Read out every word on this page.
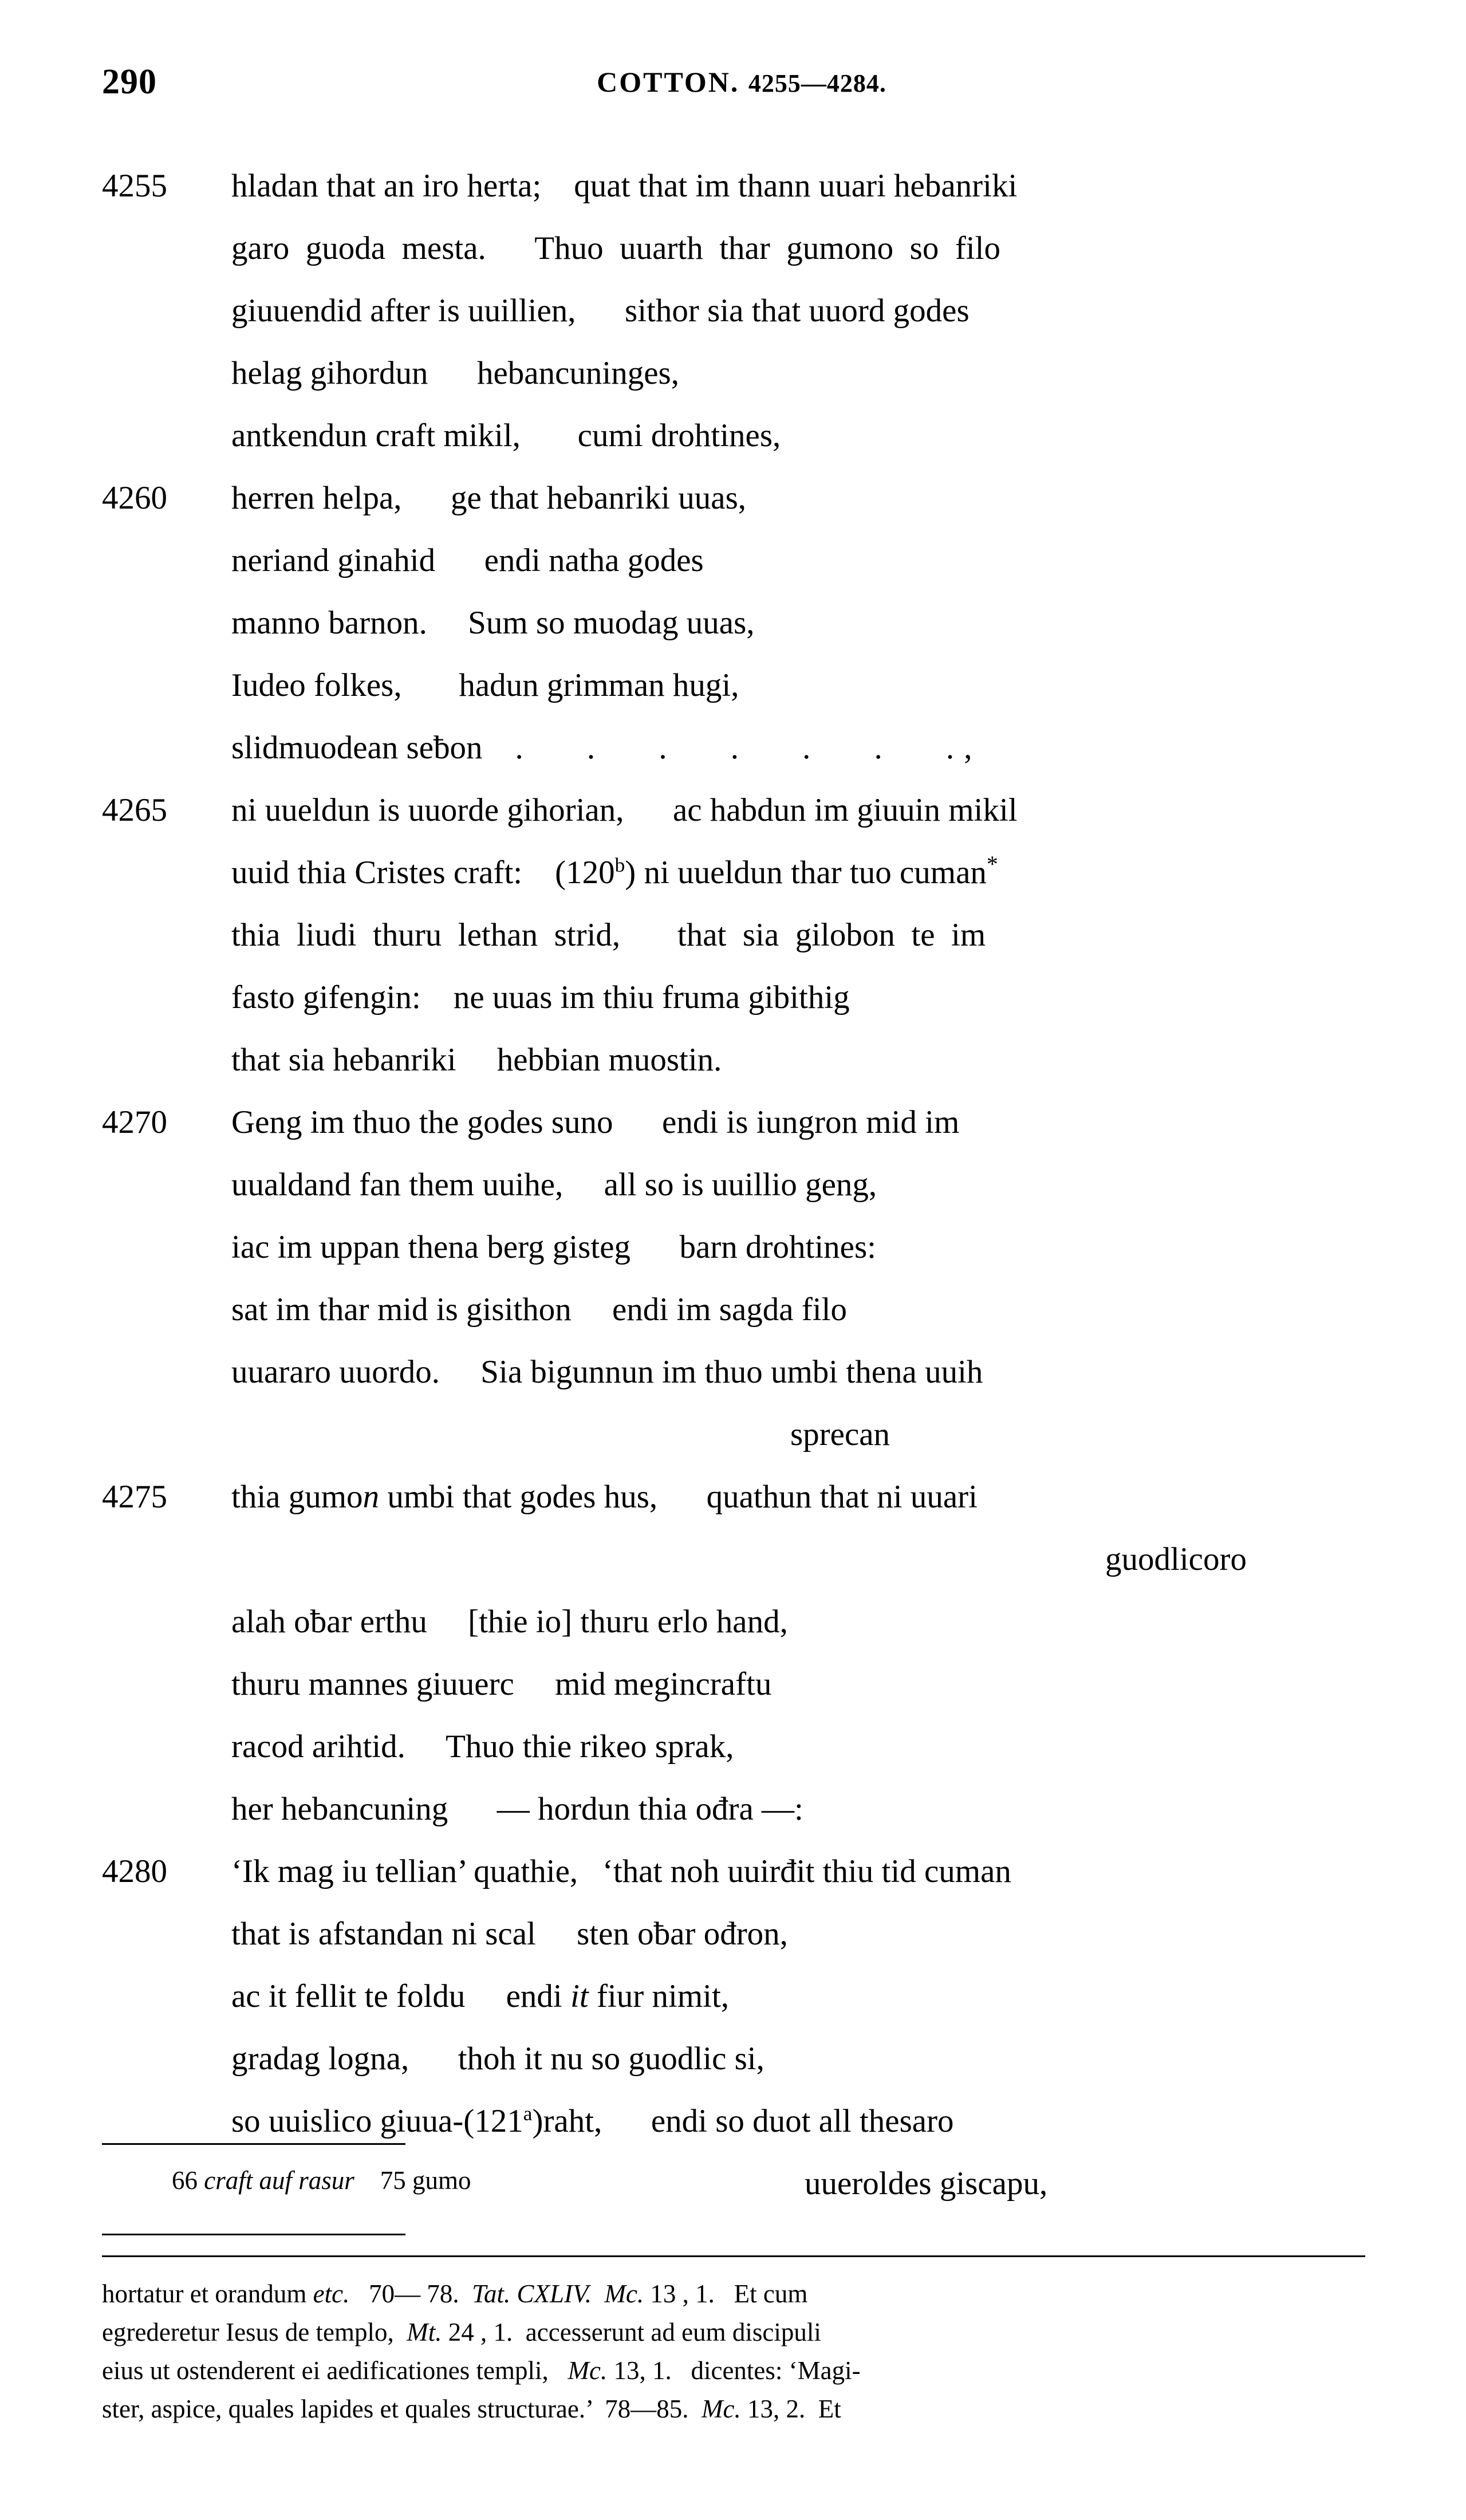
290	COTTON. 4255—4284.
4255	hladan that an iro herta;    quat that im thann uuari hebanriki
garo  guoda  mesta.      Thuo  uuarth  thar  gumono  so  filo
giuuendid after is uuillien,      sithor sia that uuord godes
helag gihordun      hebancuninges,
antkendun craft mikil,       cumi drohtines,
4260	herren helpa,      ge that hebanriki uuas,
neriand ginahid      endi natha godes
manno barnon.     Sum so muodag uuas,
Iudeo folkes,       hadun grimman hugi,
slidmuodean seƀon    .   .   .   .   .   .   .,
4265	ni uueldun is uuorde gihorian,      ac habdun im giuuin mikil
uuid thia Cristes craft:    (120$^b$) ni uueldun thar tuo cuman*
thia  liudi  thuru  lethan  strid,       that  sia  gilobon  te  im
fasto gifengin:    ne uuas im thiu fruma gibithig
that sia hebanriki     hebbian muostin.
4270	Geng im thuo the godes suno      endi is iungron mid im
uualdand fan them uuihe,     all so is uuillio geng,
iac im uppan thena berg gisteg      barn drohtines:
sat im thar mid is gisithon     endi im sagda filo
uuararo uuordo.     Sia bigunnun im thuo umbi thena uuih
sprecan
4275	thia gumon umbi that godes hus,      quathun that ni uuari
guodlicoro
alah oƀar erthu     [thie io] thuru erlo hand,
thuru mannes giuuerc     mid megincraftu
racod arihtid.     Thuo thie rikeo sprak,
her hebancuning      — hordun thia ođra —:
4280	‘Ik mag iu tellian’ quathie,   ‘that noh uuirđit thiu tid cuman
that is afstandan ni scal     sten oƀar ođron,
ac it fellit te foldu     endi it fiur nimit,
gradag logna,      thoh it nu so guodlic si,
so uuislico giuua-(121$^a$)raht,      endi so duot all thesaro
uueroldes giscapu,
66 craft auf rasur 75 gumo
hortatur et orandum etc.   70— 78.  Tat. CXLIV. Mc. 13 , 1.   Et cum
egrederetur Iesus de templo,  Mt. 24 , 1.  accesserunt ad eum discipuli
eius ut ostenderent ei aedificationes templi,   Mc. 13, 1.   dicentes: ‘Magi-
ster, aspice, quales lapides et quales structurae.’  78—85.  Mc. 13, 2.  Et
